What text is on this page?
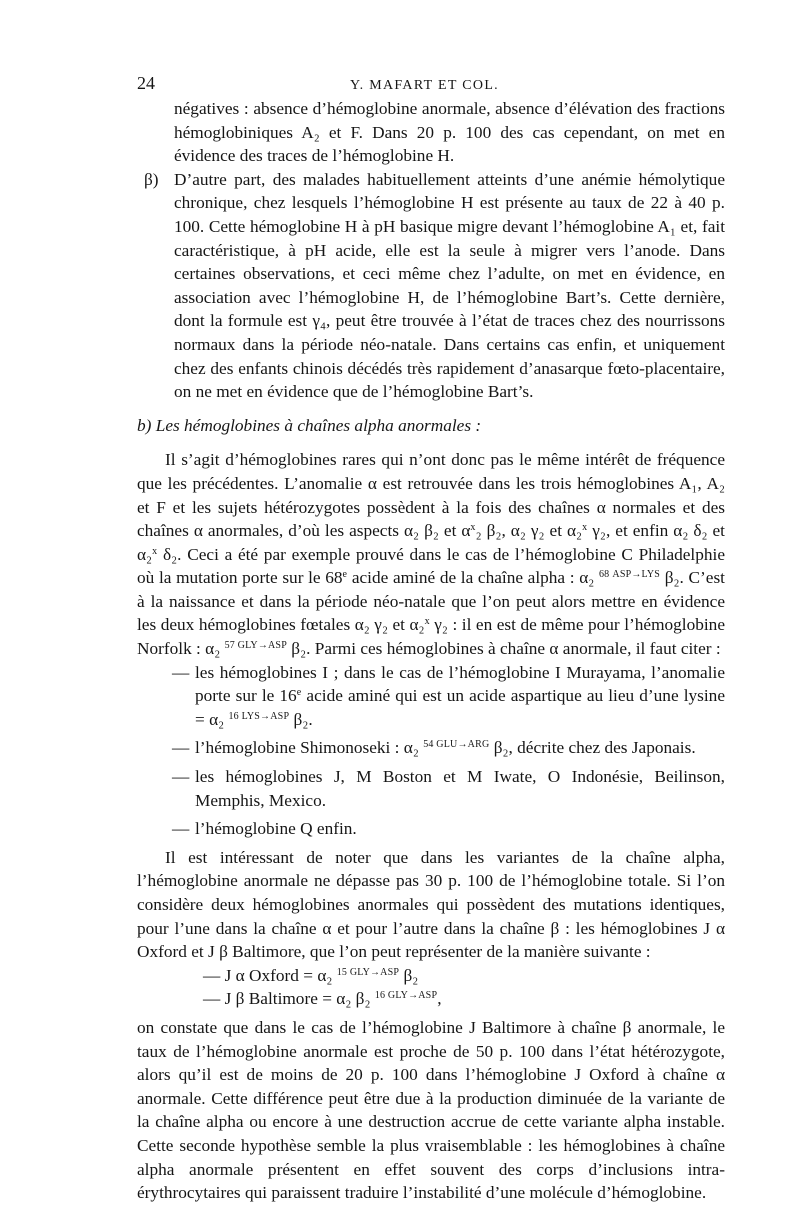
24	Y. MAFART ET COL.

négatives : absence d’hémoglobine anormale, absence d’élévation des fractions hémoglobiniques A₂ et F. Dans 20 p. 100 des cas cependant, on met en évidence des traces de l’hémoglobine H.

β) D’autre part, des malades habituellement atteints d’une anémie hémolytique chronique, chez lesquels l’hémoglobine H est présente au taux de 22 à 40 p. 100. Cette hémoglobine H à pH basique migre devant l’hémoglobine A₁ et, fait caractéristique, à pH acide, elle est la seule à migrer vers l’anode. Dans certaines observations, et ceci même chez l’adulte, on met en évidence, en association avec l’hémoglobine H, de l’hémoglobine Bart’s. Cette dernière, dont la formule est γ₄, peut être trouvée à l’état de traces chez des nourrissons normaux dans la période néo-natale. Dans certains cas enfin, et uniquement chez des enfants chinois décédés très rapidement d’anasarque fœto-placentaire, on ne met en évidence que de l’hémoglobine Bart’s.

b) Les hémoglobines à chaînes alpha anormales :

Il s’agit d’hémoglobines rares qui n’ont donc pas le même intérêt de fréquence que les précédentes. L’anomalie α est retrouvée dans les trois hémoglobines A₁, A₂ et F et les sujets hétérozygotes possèdent à la fois des chaînes α normales et des chaînes α anormales, d’où les aspects α₂ β₂ et $\alpha^x_2$ β₂, α₂ γ₂ et α₂$^x$ γ₂, et enfin α₂ δ₂ et α₂$^x$ δ₂. Ceci a été par exemple prouvé dans le cas de l’hémoglobine C Philadelphie où la mutation porte sur le 68e acide aminé de la chaîne alpha : α₂ $^{68 ASP\to LYS}$ β₂. C’est à la naissance et dans la période néo-natale que l’on peut alors mettre en évidence les deux hémoglobines fœtales α₂ γ₂ et α₂$^x$ γ₂ : il en est de même pour l’hémoglobine Norfolk : α₂ $^{57 GLY\to ASP}$ β₂. Parmi ces hémoglobines à chaîne α anormale, il faut citer :

— les hémoglobines I ; dans le cas de l’hémoglobine I Murayama, l’anomalie porte sur le 16e acide aminé qui est un acide aspartique au lieu d’une lysine = α₂ $^{16 LYS\to ASP}$ β₂.

— l’hémoglobine Shimonoseki : α₂ $^{54 GLU\to ARG}$ β₂, décrite chez des Japonais.

— les hémoglobines J, M Boston et M Iwate, O Indonésie, Beilinson, Memphis, Mexico.

— l’hémoglobine Q enfin.

Il est intéressant de noter que dans les variantes de la chaîne alpha, l’hémoglobine anormale ne dépasse pas 30 p. 100 de l’hémoglobine totale. Si l’on considère deux hémoglobines anormales qui possèdent des mutations identiques, pour l’une dans la chaîne α et pour l’autre dans la chaîne β : les hémoglobines J α Oxford et J β Baltimore, que l’on peut représenter de la manière suivante :

— J α Oxford = α₂ $^{15 GLY\to ASP}$ β₂
— J β Baltimore = α₂ β₂ $^{16 GLY\to ASP}$,

on constate que dans le cas de l’hémoglobine J Baltimore à chaîne β anormale, le taux de l’hémoglobine anormale est proche de 50 p. 100 dans l’état hétérozygote, alors qu’il est de moins de 20 p. 100 dans l’hémoglobine J Oxford à chaîne α anormale. Cette différence peut être due à la production diminuée de la variante de la chaîne alpha ou encore à une destruction accrue de cette variante alpha instable. Cette seconde hypothèse semble la plus vraisemblable : les hémoglobines à chaîne alpha anormale présentent en effet souvent des corps d’inclusions intra-érythrocytaires qui paraissent traduire l’instabilité d’une molécule d’hémoglobine.
